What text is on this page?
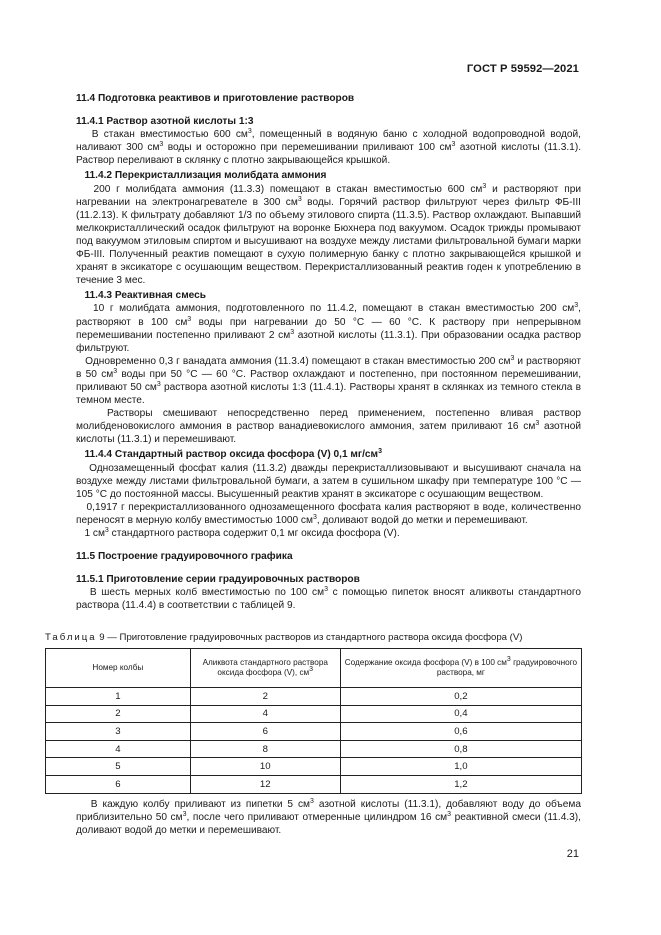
ГОСТ Р 59592—2021

11.4 Подготовка реактивов и приготовление растворов

11.4.1 Раствор азотной кислоты 1:3

В стакан вместимостью 600 $см^3$, помещенный в водяную баню с холодной водопроводной водой, наливают 300 $см^3$ воды и осторожно при перемешивании приливают 100 $см^3$ азотной кислоты (11.3.1). Раствор переливают в склянку с плотно закрывающейся крышкой.

11.4.2 Перекристаллизация молибдата аммония

200 г молибдата аммония (11.3.3) помещают в стакан вместимостью 600 $см^3$ и растворяют при нагревании на электронагревателе в 300 $см^3$ воды. Горячий раствор фильтруют через фильтр ФБ-III (11.2.13). К фильтрату добавляют 1/3 по объему этилового спирта (11.3.5). Раствор охлаждают. Выпавший мелкокристаллический осадок фильтруют на воронке Бюхнера под вакуумом. Осадок трижды промывают под вакуумом этиловым спиртом и высушивают на воздухе между листами фильтровальной бумаги марки ФБ-III. Полученный реактив помещают в сухую полимерную банку с плотно закрывающейся крышкой и хранят в эксикаторе с осушающим веществом. Перекристаллизованный реактив годен к употреблению в течение 3 мес.

11.4.3 Реактивная смесь

10 г молибдата аммония, подготовленного по 11.4.2, помещают в стакан вместимостью 200 $см^3$, растворяют в 100 $см^3$ воды при нагревании до 50 °С — 60 °С. К раствору при непрерывном перемешивании постепенно приливают 2 $см^3$ азотной кислоты (11.3.1). При образовании осадка раствор фильтруют.

Одновременно 0,3 г ванадата аммония (11.3.4) помещают в стакан вместимостью 200 $см^3$ и растворяют в 50 $см^3$ воды при 50 °С — 60 °С. Раствор охлаждают и постепенно, при постоянном перемешивании, приливают 50 $см^3$ раствора азотной кислоты 1:3 (11.4.1). Растворы хранят в склянках из темного стекла в темном месте.

Растворы смешивают непосредственно перед применением, постепенно вливая раствор молибденовокислого аммония в раствор ванадиевокислого аммония, затем приливают 16 $см^3$ азотной кислоты (11.3.1) и перемешивают.

11.4.4 Стандартный раствор оксида фосфора (V) 0,1 $мг/см^3$

Однозамещенный фосфат калия (11.3.2) дважды перекристаллизовывают и высушивают сначала на воздухе между листами фильтровальной бумаги, а затем в сушильном шкафу при температуре 100 °С — 105 °С до постоянной массы. Высушенный реактив хранят в эксикаторе с осушающим веществом.

0,1917 г перекристаллизованного однозамещенного фосфата калия растворяют в воде, количественно переносят в мерную колбу вместимостью 1000 $см^3$, доливают водой до метки и перемешивают.

1 $см^3$ стандартного раствора содержит 0,1 мг оксида фосфора (V).

11.5 Построение градуировочного графика

11.5.1 Приготовление серии градуировочных растворов

В шесть мерных колб вместимостью по 100 $см^3$ с помощью пипеток вносят аликвоты стандартного раствора (11.4.4) в соответствии с таблицей 9.

Таблица 9 — Приготовление градуировочных растворов из стандартного раствора оксида фосфора (V)
Номер колбы	Аликвота стандартного раствора оксида фосфора (V), $см^3$	Содержание оксида фосфора (V) в 100 $см^3$ градуировочного раствора, мг
1	2	0,2
2	4	0,4
3	6	0,6
4	8	0,8
5	10	1,0
6	12	1,2

В каждую колбу приливают из пипетки 5 $см^3$ азотной кислоты (11.3.1), добавляют воду до объема приблизительно 50 $см^3$, после чего приливают отмеренные цилиндром 16 $см^3$ реактивной смеси (11.4.3), доливают водой до метки и перемешивают.

21
